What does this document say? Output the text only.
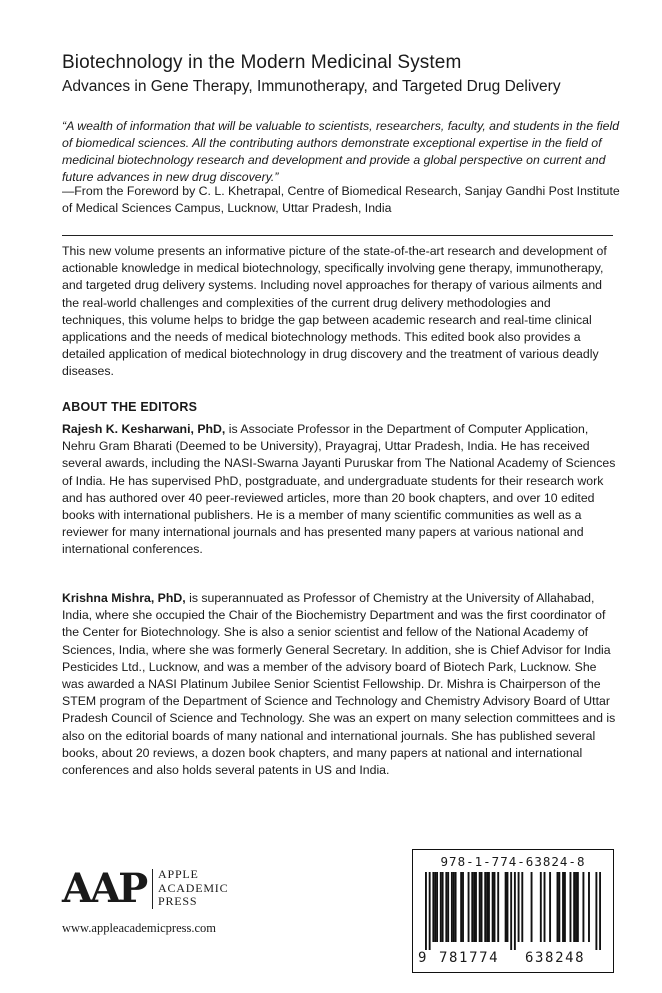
Biotechnology in the Modern Medicinal System
Advances in Gene Therapy, Immunotherapy, and Targeted Drug Delivery

“A wealth of information that will be valuable to scientists, researchers, faculty, and students in the field of biomedical sciences. All the contributing authors demonstrate exceptional expertise in the field of medicinal biotechnology research and development and provide a global perspective on current and future advances in new drug discovery.”

—From the Foreword by C. L. Khetrapal, Centre of Biomedical Research, Sanjay Gandhi Post Institute of Medical Sciences Campus, Lucknow, Uttar Pradesh, India

This new volume presents an informative picture of the state-of-the-art research and development of actionable knowledge in medical biotechnology, specifically involving gene therapy, immunotherapy, and targeted drug delivery systems. Including novel approaches for therapy of various ailments and the real-world challenges and complexities of the current drug delivery methodologies and techniques, this volume helps to bridge the gap between academic research and real-time clinical applications and the needs of medical biotechnology methods. This edited book also provides a detailed application of medical biotechnology in drug discovery and the treatment of various deadly diseases.

ABOUT THE EDITORS

Rajesh K. Kesharwani, PhD, is Associate Professor in the Department of Computer Application, Nehru Gram Bharati (Deemed to be University), Prayagraj, Uttar Pradesh, India. He has received several awards, including the NASI-Swarna Jayanti Puruskar from The National Academy of Sciences of India. He has supervised PhD, postgraduate, and undergraduate students for their research work and has authored over 40 peer-reviewed articles, more than 20 book chapters, and over 10 edited books with international publishers. He is a member of many scientific communities as well as a reviewer for many international journals and has presented many papers at various national and international conferences.

Krishna Mishra, PhD, is superannuated as Professor of Chemistry at the University of Allahabad, India, where she occupied the Chair of the Biochemistry Department and was the first coordinator of the Center for Biotechnology. She is also a senior scientist and fellow of the National Academy of Sciences, India, where she was formerly General Secretary. In addition, she is Chief Advisor for India Pesticides Ltd., Lucknow, and was a member of the advisory board of Biotech Park, Lucknow. She was awarded a NASI Platinum Jubilee Senior Scientist Fellowship. Dr. Mishra is Chairperson of the STEM program of the Department of Science and Technology and Chemistry Advisory Board of Uttar Pradesh Council of Science and Technology. She was an expert on many selection committees and is also on the editorial boards of many national and international journals. She has published several books, about 20 reviews, a dozen book chapters, and many papers at national and international conferences and also holds several patents in US and India.

AAP APPLE
ACADEMIC
PRESS

www.appleacademicpress.com

978-1-774-63824-8
9 781774 638248
